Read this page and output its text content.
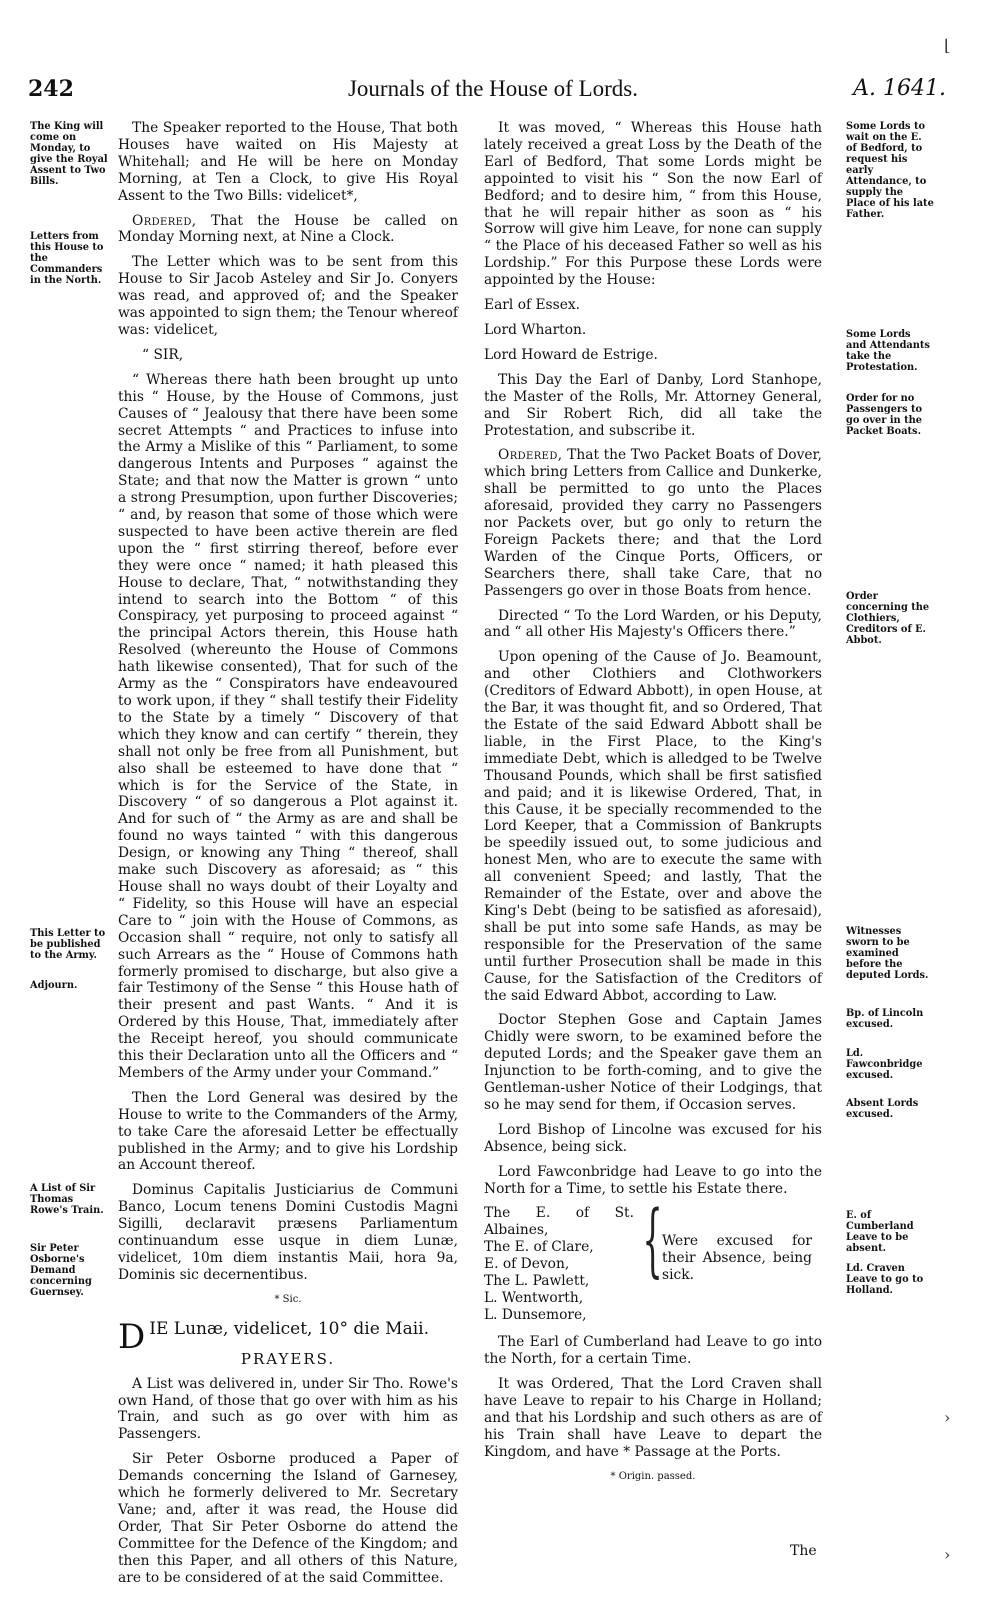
242	Journals of the House of Lords.	A. 1641.
The King will come on Monday, to give the Royal Assent to Two Bills.
Letters from this House to the Commanders in the North.
This Letter to be published to the Army.
Adjourn.
A List of Sir Thomas Rowe's Train.
Sir Peter Osborne's Demand concerning Guernsey.
Some Lords to wait on the E. of Bedford, to request his early Attendance, to supply the Place of his late Father.
Some Lords and Attendants take the Protestation.
Order for no Passengers to go over in the Packet Boats.
Order concerning the Clothiers, Creditors of E. Abbot.
Witnesses sworn to be examined before the deputed Lords.
Bp. of Lincoln excused.
Ld. Fawconbridge excused.
Absent Lords excused.
E. of Cumberland Leave to be absent.
Ld. Craven Leave to go to Holland.

The Speaker reported to the House, That both Houses have waited on His Majesty at Whitehall; and He will be here on Monday Morning, at Ten a Clock, to give His Royal Assent to the Two Bills: videlicet*,

Ordered, That the House be called on Monday Morning next, at Nine a Clock.

The Letter which was to be sent from this House to Sir Jacob Asteley and Sir Jo. Conyers was read, and approved of; and the Speaker was appointed to sign them; the Tenour whereof was: videlicet,

“ SIR,

“ Whereas there hath been brought up unto this “ House, by the House of Commons, just Causes of “ Jealousy that there have been some secret Attempts “ and Practices to infuse into the Army a Mislike of this “ Parliament, to some dangerous Intents and Purposes “ against the State; and that now the Matter is grown “ unto a strong Presumption, upon further Discoveries; “ and, by reason that some of those which were suspected to have been active therein are fled upon the “ first stirring thereof, before ever they were once “ named; it hath pleased this House to declare, That, “ notwithstanding they intend to search into the Bottom “ of this Conspiracy, yet purposing to proceed against “ the principal Actors therein, this House hath Resolved (whereunto the House of Commons hath likewise consented), That for such of the Army as the “ Conspirators have endeavoured to work upon, if they “ shall testify their Fidelity to the State by a timely “ Discovery of that which they know and can certify “ therein, they shall not only be free from all Punishment, but also shall be esteemed to have done that “ which is for the Service of the State, in Discovery “ of so dangerous a Plot against it. And for such of “ the Army as are and shall be found no ways tainted “ with this dangerous Design, or knowing any Thing “ thereof, shall make such Discovery as aforesaid; as “ this House shall no ways doubt of their Loyalty and “ Fidelity, so this House will have an especial Care to “ join with the House of Commons, as Occasion shall “ require, not only to satisfy all such Arrears as the “ House of Commons hath formerly promised to discharge, but also give a fair Testimony of the Sense “ this House hath of their present and past Wants. “ And it is Ordered by this House, That, immediately after the Receipt hereof, you should communicate this their Declaration unto all the Officers and “ Members of the Army under your Command.”

Then the Lord General was desired by the House to write to the Commanders of the Army, to take Care the aforesaid Letter be effectually published in the Army; and to give his Lordship an Account thereof.

Dominus Capitalis Justiciarius de Communi Banco, Locum tenens Domini Custodis Magni Sigilli, declaravit præsens Parliamentum continuandum esse usque in diem Lunæ, videlicet, 10m diem instantis Maii, hora 9a, Dominis sic decernentibus.

* Sic.
DIE Lunæ, videlicet, 10° die Maii.
PRAYERS.

A List was delivered in, under Sir Tho. Rowe's own Hand, of those that go over with him as his Train, and such as go over with him as Passengers.

Sir Peter Osborne produced a Paper of Demands concerning the Island of Garnesey, which he formerly delivered to Mr. Secretary Vane; and, after it was read, the House did Order, That Sir Peter Osborne do attend the Committee for the Defence of the Kingdom; and then this Paper, and all others of this Nature, are to be considered of at the said Committee.

It was moved, “ Whereas this House hath lately received a great Loss by the Death of the Earl of Bedford, That some Lords might be appointed to visit his “ Son the now Earl of Bedford; and to desire him, “ from this House, that he will repair hither as soon as “ his Sorrow will give him Leave, for none can supply “ the Place of his deceased Father so well as his Lordship.” For this Purpose these Lords were appointed by the House:

Earl of Essex.

Lord Wharton.

Lord Howard de Estrige.

This Day the Earl of Danby, Lord Stanhope, the Master of the Rolls, Mr. Attorney General, and Sir Robert Rich, did all take the Protestation, and subscribe it.

Ordered, That the Two Packet Boats of Dover, which bring Letters from Callice and Dunkerke, shall be permitted to go unto the Places aforesaid, provided they carry no Passengers nor Packets over, but go only to return the Foreign Packets there; and that the Lord Warden of the Cinque Ports, Officers, or Searchers there, shall take Care, that no Passengers go over in those Boats from hence.

Directed “ To the Lord Warden, or his Deputy, and “ all other His Majesty's Officers there.”

Upon opening of the Cause of Jo. Beamount, and other Clothiers and Clothworkers (Creditors of Edward Abbott), in open House, at the Bar, it was thought fit, and so Ordered, That the Estate of the said Edward Abbott shall be liable, in the First Place, to the King's immediate Debt, which is alledged to be Twelve Thousand Pounds, which shall be first satisfied and paid; and it is likewise Ordered, That, in this Cause, it be specially recommended to the Lord Keeper, that a Commission of Bankrupts be speedily issued out, to some judicious and honest Men, who are to execute the same with all convenient Speed; and lastly, That the Remainder of the Estate, over and above the King's Debt (being to be satisfied as aforesaid), shall be put into some safe Hands, as may be responsible for the Preservation of the same until further Prosecution shall be made in this Cause, for the Satisfaction of the Creditors of the said Edward Abbot, according to Law.

Doctor Stephen Gose and Captain James Chidly were sworn, to be examined before the deputed Lords; and the Speaker gave them an Injunction to be forth-coming, and to give the Gentleman-usher Notice of their Lodgings, that so he may send for them, if Occasion serves.

Lord Bishop of Lincolne was excused for his Absence, being sick.

Lord Fawconbridge had Leave to go into the North for a Time, to settle his Estate there.

The E. of St. Albaines,
The E. of Clare,
E. of Devon,
The L. Pawlett,
L. Wentworth,
L. Dunsemore,
{ Were excused for their Absence, being sick.

The Earl of Cumberland had Leave to go into the North, for a certain Time.

It was Ordered, That the Lord Craven shall have Leave to repair to his Charge in Holland; and that his Lordship and such others as are of his Train shall have Leave to depart the Kingdom, and have * Passage at the Ports.

* Origin. passed.
The
⌊
›
›
